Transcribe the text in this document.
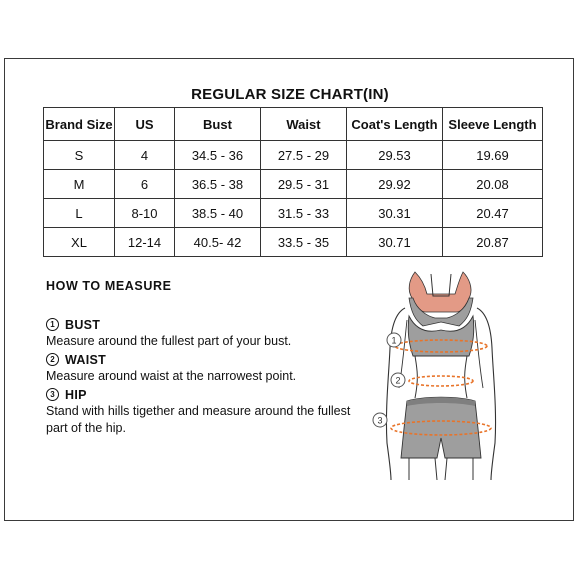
REGULAR SIZE CHART(IN)
Brand Size	US	Bust	Waist	Coat's Length	Sleeve Length
S	4	34.5 - 36	27.5 - 29	29.53	19.69
M	6	36.5 - 38	29.5 - 31	29.92	20.08
L	8-10	38.5 - 40	31.5 - 33	30.31	20.47
XL	12-14	40.5- 42	33.5 - 35	30.71	20.87
HOW TO MEASURE
1 BUST
Measure around the fullest part of your bust.
2 WAIST
Measure around waist at the narrowest point.
3 HIP
Stand with hills tigether and measure around the fullest part of the hip.
1
2
3
